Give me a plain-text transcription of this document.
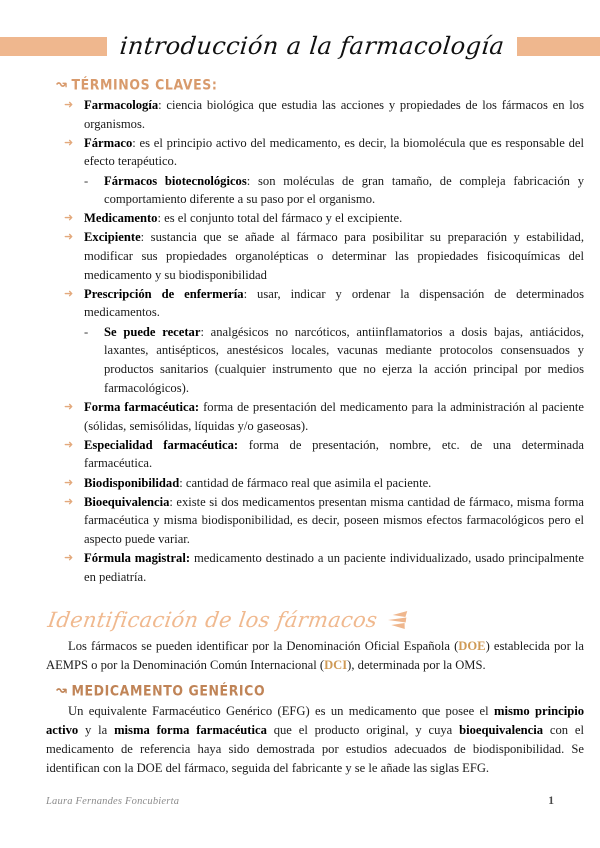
introducción a la farmacología
↝ TÉRMINOS CLAVES:
➜ Farmacología: ciencia biológica que estudia las acciones y propiedades de los fármacos en los organismos.
➜ Fármaco: es el principio activo del medicamento, es decir, la biomolécula que es responsable del efecto terapéutico.
- Fármacos biotecnológicos: son moléculas de gran tamaño, de compleja fabricación y comportamiento diferente a su paso por el organismo.
➜ Medicamento: es el conjunto total del fármaco y el excipiente.
➜ Excipiente: sustancia que se añade al fármaco para posibilitar su preparación y estabilidad, modificar sus propiedades organolépticas o determinar las propiedades fisicoquímicas del medicamento y su biodisponibilidad
➜ Prescripción de enfermería: usar, indicar y ordenar la dispensación de determinados medicamentos.
- Se puede recetar: analgésicos no narcóticos, antiinflamatorios a dosis bajas, antiácidos, laxantes, antisépticos, anestésicos locales, vacunas mediante protocolos consensuados y productos sanitarios (cualquier instrumento que no ejerza la acción principal por medios farmacológicos).
➜ Forma farmacéutica: forma de presentación del medicamento para la administración al paciente (sólidas, semisólidas, líquidas y/o gaseosas).
➜ Especialidad farmacéutica: forma de presentación, nombre, etc. de una determinada farmacéutica.
➜ Biodisponibilidad: cantidad de fármaco real que asimila el paciente.
➜ Bioequivalencia: existe si dos medicamentos presentan misma cantidad de fármaco, misma forma farmacéutica y misma biodisponibilidad, es decir, poseen mismos efectos farmacológicos pero el aspecto puede variar.
➜ Fórmula magistral: medicamento destinado a un paciente individualizado, usado principalmente en pediatría.
Identificación de los fármacos

Los fármacos se pueden identificar por la Denominación Oficial Española (DOE) establecida por la AEMPS o por la Denominación Común Internacional (DCI), determinada por la OMS.

↝ MEDICAMENTO GENÉRICO

Un equivalente Farmacéutico Genérico (EFG) es un medicamento que posee el mismo principio activo y la misma forma farmacéutica que el producto original, y cuya bioequivalencia con el medicamento de referencia haya sido demostrada por estudios adecuados de biodisponibilidad. Se identifican con la DOE del fármaco, seguida del fabricante y se le añade las siglas EFG.

Laura Fernandes Foncubierta	1
